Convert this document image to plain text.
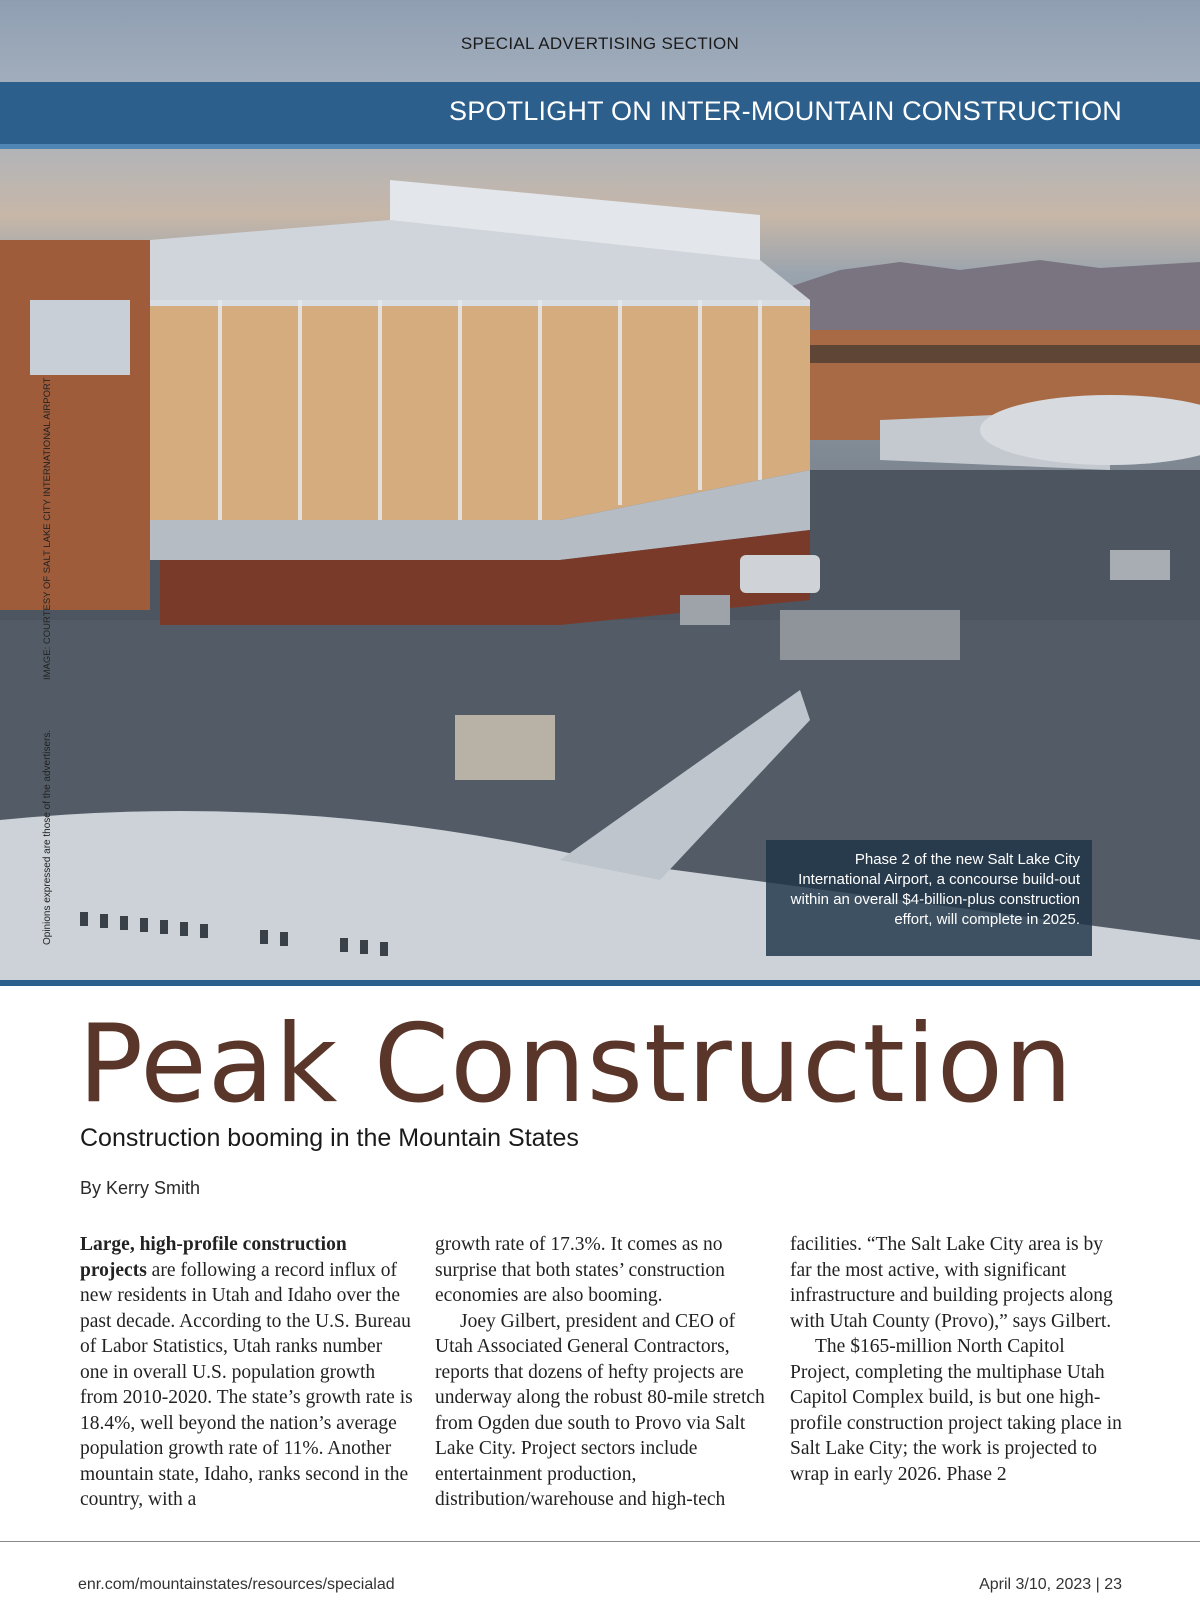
SPECIAL ADVERTISING SECTION
SPOTLIGHT ON INTER-MOUNTAIN CONSTRUCTION
IMAGE: COURTESY OF SALT LAKE CITY INTERNATIONAL AIRPORT
Opinions expressed are those of the advertisers.	Phase 2 of the new Salt Lake City International Airport, a concourse build-out within an overall $4-billion-plus construction effort, will complete in 2025.
Peak Construction
Construction booming in the Mountain States
By Kerry Smith

Large, high-profile construction projects are following a record influx of new residents in Utah and Idaho over the past decade. According to the U.S. Bureau of Labor Statistics, Utah ranks number one in overall U.S. population growth from 2010-2020. The state’s growth rate is 18.4%, well beyond the nation’s average population growth rate of 11%. Another mountain state, Idaho, ranks second in the country, with a

growth rate of 17.3%. It comes as no surprise that both states’ construction economies are also booming.

Joey Gilbert, president and CEO of Utah Associated General Contractors, reports that dozens of hefty projects are underway along the robust 80-mile stretch from Ogden due south to Provo via Salt Lake City. Project sectors include entertainment production, distribution/warehouse and high-tech

facilities. “The Salt Lake City area is by far the most active, with significant infrastructure and building projects along with Utah County (Provo),” says Gilbert.

The $165-million North Capitol Project, completing the multiphase Utah Capitol Complex build, is but one high-profile construction project taking place in Salt Lake City; the work is projected to wrap in early 2026. Phase 2

enr.com/mountainstates/resources/specialad	April 3/10, 2023 | 23
